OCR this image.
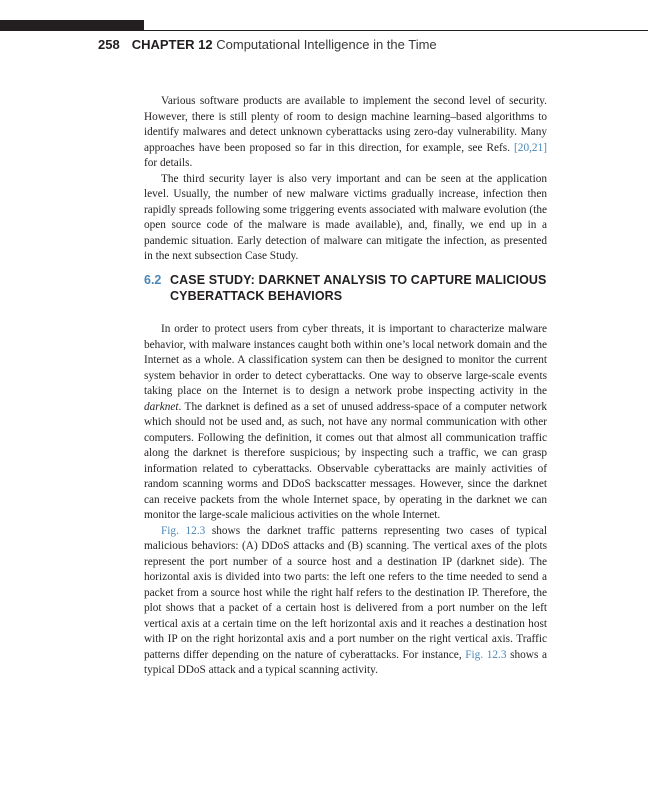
258 CHAPTER 12 Computational Intelligence in the Time

Various software products are available to implement the second level of security. However, there is still plenty of room to design machine learning–based algorithms to identify malwares and detect unknown cyberattacks using zero-day vulnerability. Many approaches have been proposed so far in this direction, for example, see Refs. [20,21] for details.

The third security layer is also very important and can be seen at the application level. Usually, the number of new malware victims gradually increase, infection then rapidly spreads following some triggering events associated with malware evolution (the open source code of the malware is made available), and, finally, we end up in a pandemic situation. Early detection of malware can mitigate the infection, as presented in the next subsection Case Study.

6.2 CASE STUDY: DARKNET ANALYSIS TO CAPTURE MALICIOUS CYBERATTACK BEHAVIORS

In order to protect users from cyber threats, it is important to characterize malware behavior, with malware instances caught both within one’s local network domain and the Internet as a whole. A classification system can then be designed to monitor the current system behavior in order to detect cyberattacks. One way to observe large-scale events taking place on the Internet is to design a network probe inspecting activity in the darknet. The darknet is defined as a set of unused address-space of a computer network which should not be used and, as such, not have any normal communication with other computers. Following the definition, it comes out that almost all communication traffic along the darknet is therefore suspicious; by inspecting such a traffic, we can grasp information related to cyberattacks. Observable cyberattacks are mainly activities of random scanning worms and DDoS backscatter messages. However, since the darknet can receive packets from the whole Internet space, by operating in the darknet we can monitor the large-scale malicious activities on the whole Internet.

Fig. 12.3 shows the darknet traffic patterns representing two cases of typical malicious behaviors: (A) DDoS attacks and (B) scanning. The vertical axes of the plots represent the port number of a source host and a destination IP (darknet side). The horizontal axis is divided into two parts: the left one refers to the time needed to send a packet from a source host while the right half refers to the destination IP. Therefore, the plot shows that a packet of a certain host is delivered from a port number on the left vertical axis at a certain time on the left horizontal axis and it reaches a destination host with IP on the right horizontal axis and a port number on the right vertical axis. Traffic patterns differ depending on the nature of cyberattacks. For instance, Fig. 12.3 shows a typical DDoS attack and a typical scanning activity.
